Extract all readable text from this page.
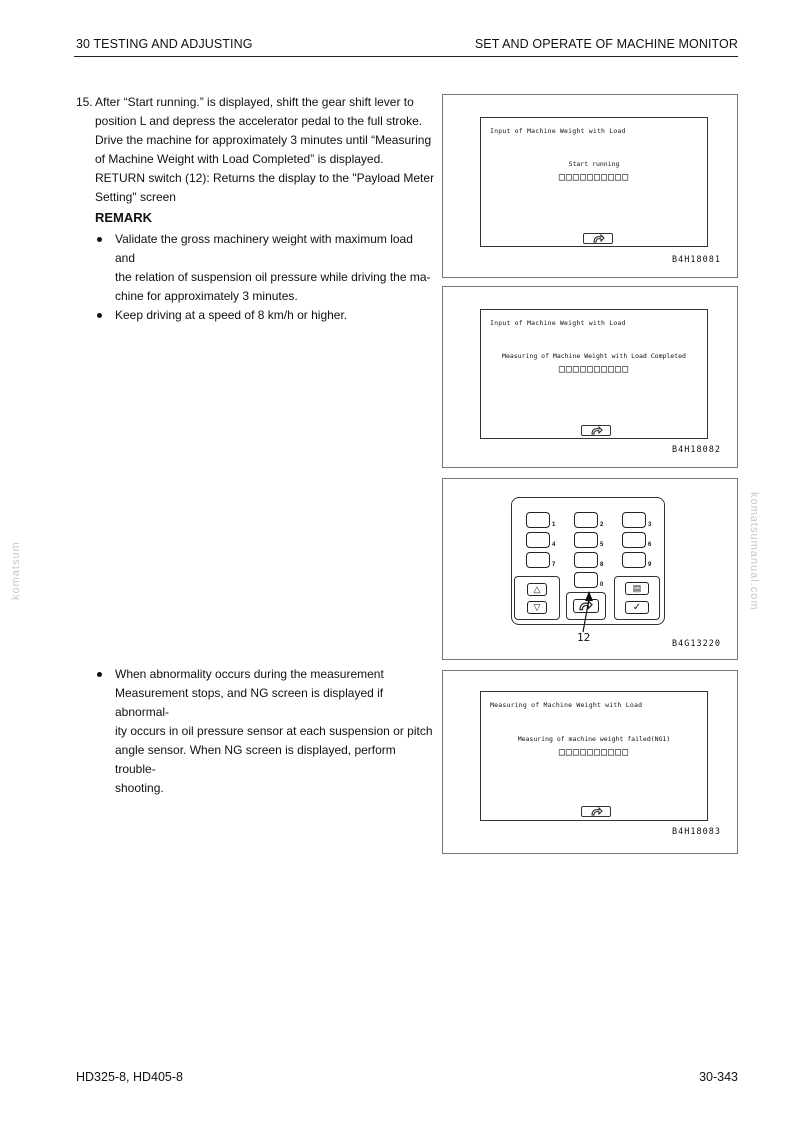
30 TESTING AND ADJUSTING	SET AND OPERATE OF MACHINE MONITOR
15. After “Start running.” is displayed, shift the gear shift lever to
position L and depress the accelerator pedal to the full stroke.
Drive the machine for approximately 3 minutes until “Measuring
of Machine Weight with Load Completed” is displayed.
RETURN switch (12): Returns the display to the "Payload Meter
Setting" screen
REMARK
Validate the gross machinery weight with maximum load and
the relation of suspension oil pressure while driving the ma-
chine for approximately 3 minutes.
Keep driving at a speed of 8 km/h or higher.
When abnormality occurs during the measurement
Measurement stops, and NG screen is displayed if abnormal-
ity occurs in oil pressure sensor at each suspension or pitch
angle sensor. When NG screen is displayed, perform trouble-
shooting.
Input of Machine Weight with Load
Start running
□□□□□□□□□□
B4H18081
Input of Machine Weight with Load
Measuring of Machine Weight with Load Completed
□□□□□□□□□□
B4H18082
1	2	3
4	5	6
7	8	9
0
△
▽
▤
✓
12	B4G13220
Measuring of Machine Weight with Load
Measuring of machine weight failed(NG1)
□□□□□□□□□□
B4H18083
komatsum	komatsumanual.com
HD325-8, HD405-8	30-343
